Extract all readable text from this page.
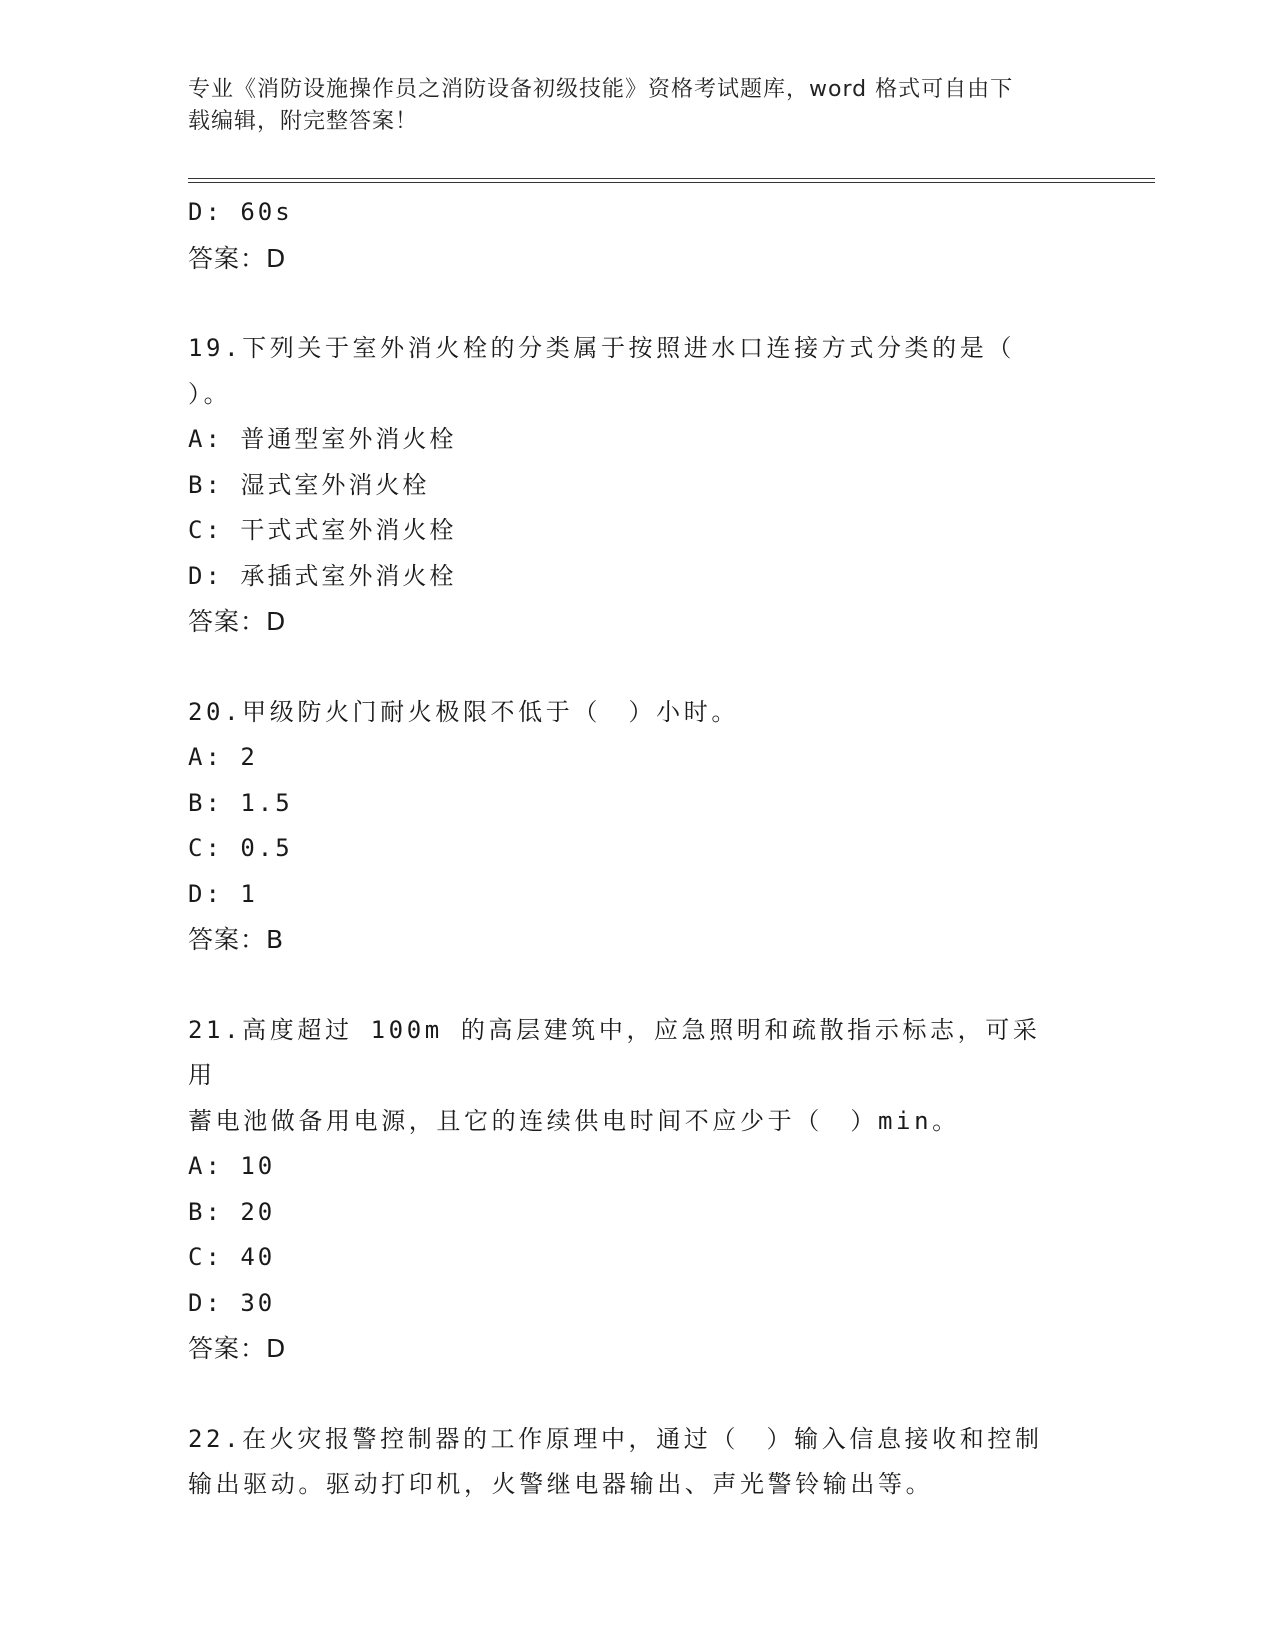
专业《消防设施操作员之消防设备初级技能》资格考试题库，word 格式可自由下
载编辑，附完整答案！
D: 60s
答案：D
19.下列关于室外消火栓的分类属于按照进水口连接方式分类的是（
）。
A: 普通型室外消火栓
B: 湿式室外消火栓
C: 干式式室外消火栓
D: 承插式室外消火栓
答案：D
20.甲级防火门耐火极限不低于（　）小时。
A: 2
B: 1.5
C: 0.5
D: 1
答案：B
21.高度超过 100m 的高层建筑中，应急照明和疏散指示标志，可采用
蓄电池做备用电源，且它的连续供电时间不应少于（　）min。
A: 10
B: 20
C: 40
D: 30
答案：D
22.在火灾报警控制器的工作原理中，通过（　）输入信息接收和控制
输出驱动。驱动打印机，火警继电器输出、声光警铃输出等。
